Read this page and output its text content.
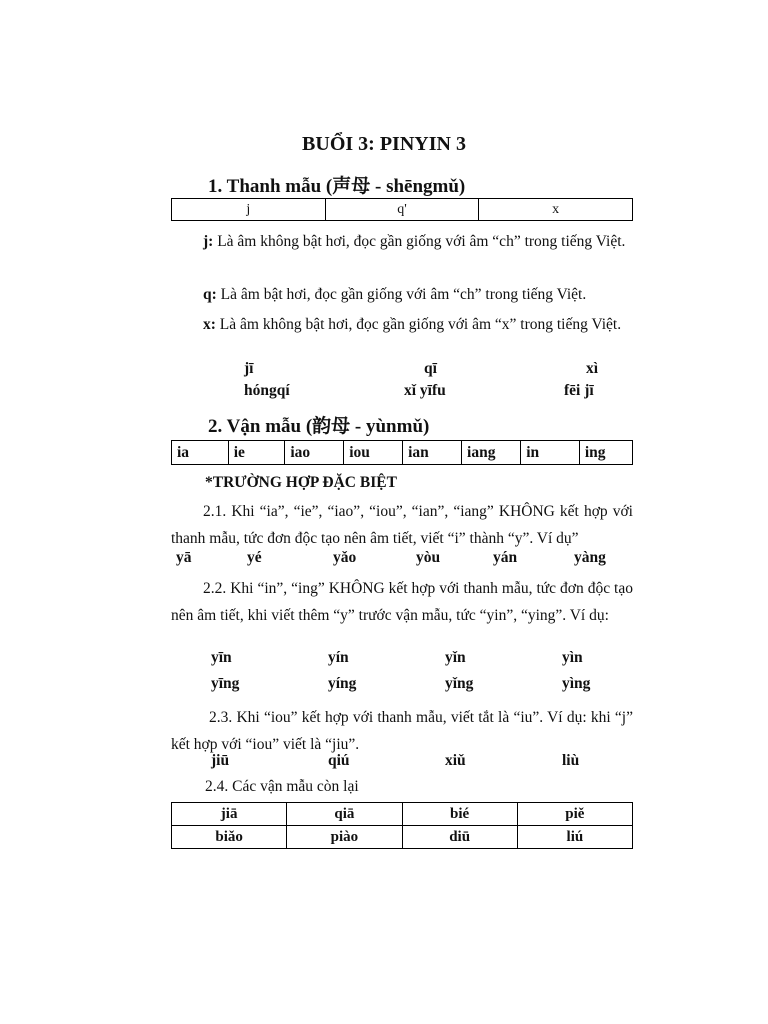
BUỔI 3: PINYIN 3
1. Thanh mẫu (声母 - shēngmǔ)
j	q'	x
j: Là âm không bật hơi, đọc gần giống với âm “ch” trong tiếng Việt.
q: Là âm bật hơi, đọc gần giống với âm “ch” trong tiếng Việt.
x: Là âm không bật hơi, đọc gần giống với âm “x” trong tiếng Việt.
jī	qī	xì
hóngqí	xǐ yīfu	fēi jī
2. Vận mẫu (韵母 - yùnmǔ)
ia	ie	iao	iou	ian	iang	in	ing
*TRƯỜNG HỢP ĐẶC BIỆT
2.1. Khi “ia”, “ie”, “iao”, “iou”, “ian”, “iang” KHÔNG kết hợp với thanh mẫu, tức đơn độc tạo nên âm tiết, viết “i” thành “y”. Ví dụ”
yā	yé	yǎo	yòu	yán	yàng
2.2. Khi “in”, “ing” KHÔNG kết hợp với thanh mẫu, tức đơn độc tạo nên âm tiết, khi viết thêm “y” trước vận mẫu, tức “yin”, “ying”. Ví dụ:
yīn	yín	yǐn	yìn
yīng	yíng	yǐng	yìng
2.3. Khi “iou” kết hợp với thanh mẫu, viết tắt là “iu”. Ví dụ: khi “j” kết hợp với “iou” viết là “jiu”.
jiū	qiú	xiǔ	liù
2.4. Các vận mẫu còn lại
jiā	qiā	bié	piě
biǎo	piào	diū	liú
